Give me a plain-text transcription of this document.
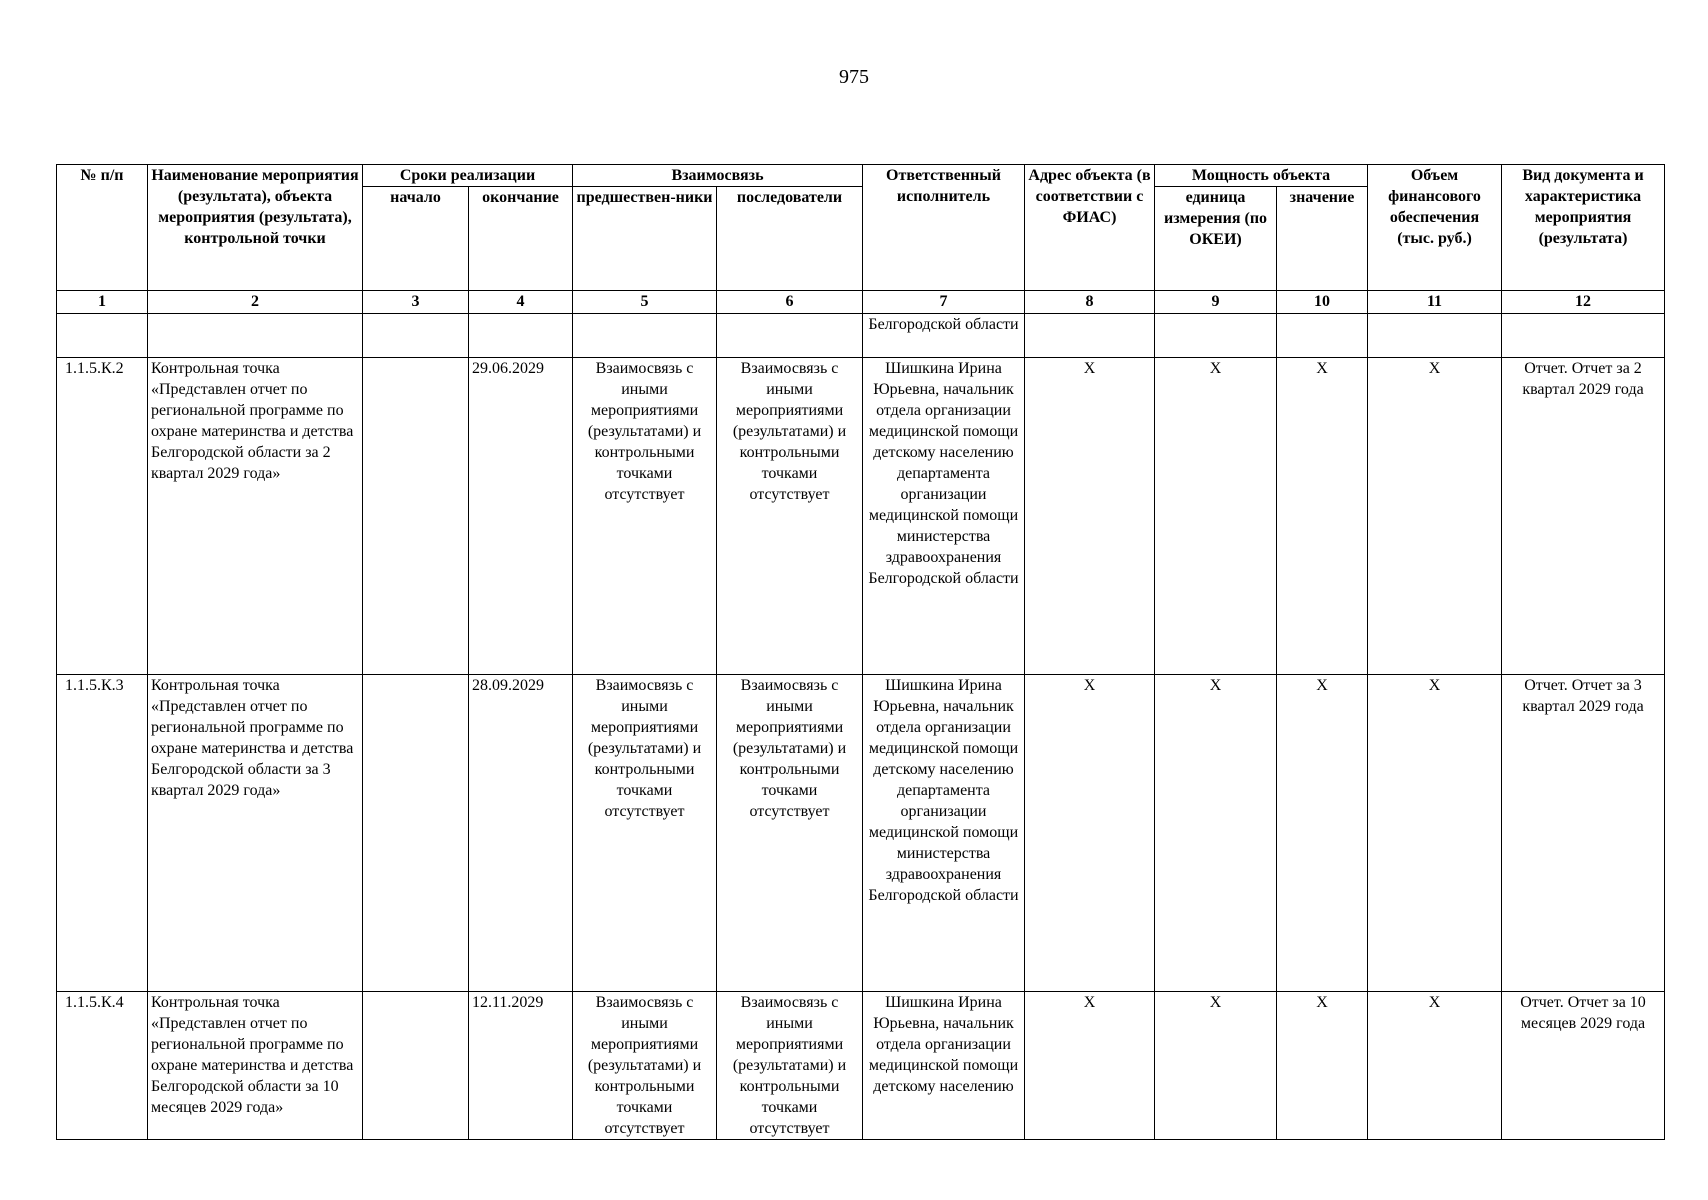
975
№ п/п	Наименование мероприятия (результата), объекта мероприятия (результата), контрольной точки	Сроки реализации		Взаимосвязь		Ответственный исполнитель	Адрес объекта (в соответствии с ФИАС)	Мощность объекта		Объем финансового обеспечения (тыс. руб.)	Вид документа и характеристика мероприятия (результата)
		начало	окончание	предшествен-ники	последователи			единица измерения (по ОКЕИ)	значение		
1	2	3	4	5	6	7	8	9	10	11	12
						Белгородской области					
1.1.5.К.2	Контрольная точка «Представлен отчет по региональной программе по охране материнства и детства Белгородской области за 2 квартал 2029 года»		29.06.2029	Взаимосвязь с иными мероприятиями (результатами) и контрольными точками отсутствует	Взаимосвязь с иными мероприятиями (результатами) и контрольными точками отсутствует	Шишкина Ирина Юрьевна, начальник отдела организации медицинской помощи детскому населению департамента организации медицинской помощи министерства здравоохранения Белгородской области	Х	Х	Х	Х	Отчет. Отчет за 2 квартал 2029 года
1.1.5.К.3	Контрольная точка «Представлен отчет по региональной программе по охране материнства и детства Белгородской области за 3 квартал 2029 года»		28.09.2029	Взаимосвязь с иными мероприятиями (результатами) и контрольными точками отсутствует	Взаимосвязь с иными мероприятиями (результатами) и контрольными точками отсутствует	Шишкина Ирина Юрьевна, начальник отдела организации медицинской помощи детскому населению департамента организации медицинской помощи министерства здравоохранения Белгородской области	Х	Х	Х	Х	Отчет. Отчет за 3 квартал 2029 года
1.1.5.К.4	Контрольная точка «Представлен отчет по региональной программе по охране материнства и детства Белгородской области за 10 месяцев 2029 года»		12.11.2029	Взаимосвязь с иными мероприятиями (результатами) и контрольными точками отсутствует	Взаимосвязь с иными мероприятиями (результатами) и контрольными точками отсутствует	Шишкина Ирина Юрьевна, начальник отдела организации медицинской помощи детскому населению	Х	Х	Х	Х	Отчет. Отчет за 10 месяцев 2029 года
